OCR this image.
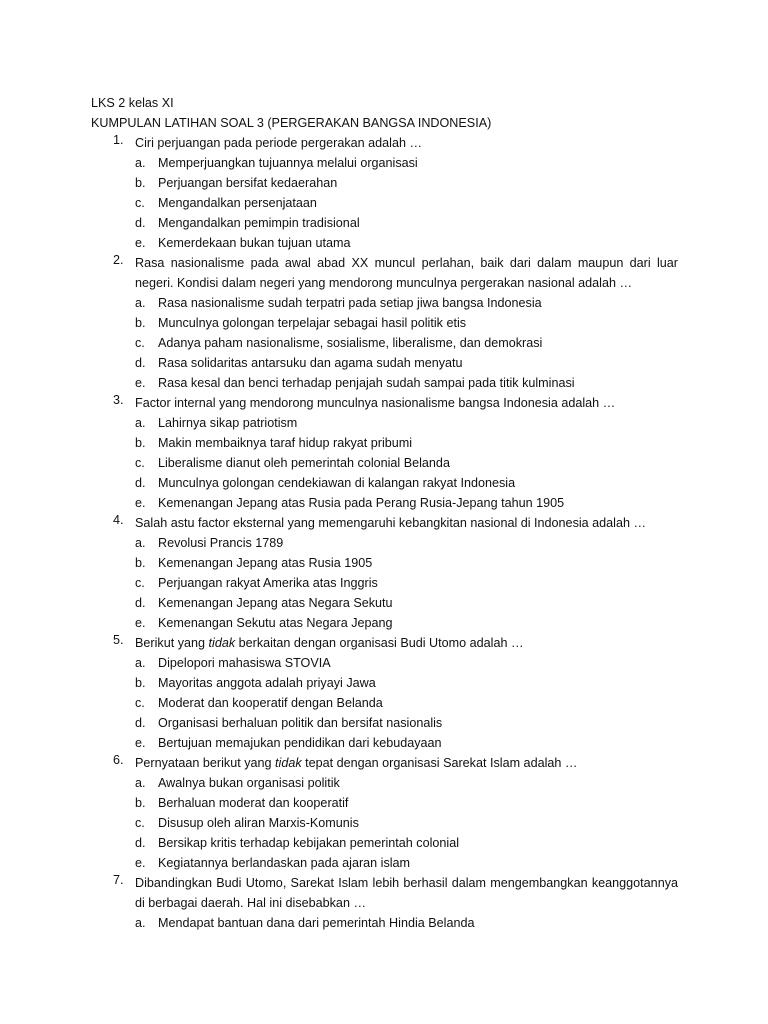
LKS 2 kelas XI
KUMPULAN LATIHAN SOAL 3 (PERGERAKAN BANGSA INDONESIA)
1. Ciri perjuangan pada periode pergerakan adalah …
a. Memperjuangkan tujuannya melalui organisasi
b. Perjuangan bersifat kedaerahan
c. Mengandalkan persenjataan
d. Mengandalkan pemimpin tradisional
e. Kemerdekaan bukan tujuan utama
2. Rasa nasionalisme pada awal abad XX muncul perlahan, baik dari dalam maupun dari luar negeri. Kondisi dalam negeri yang mendorong munculnya pergerakan nasional adalah …
a. Rasa nasionalisme sudah terpatri pada setiap jiwa bangsa Indonesia
b. Munculnya golongan terpelajar sebagai hasil politik etis
c. Adanya paham nasionalisme, sosialisme, liberalisme, dan demokrasi
d. Rasa solidaritas antarsuku dan agama sudah menyatu
e. Rasa kesal dan benci terhadap penjajah sudah sampai pada titik kulminasi
3. Factor internal yang mendorong munculnya nasionalisme bangsa Indonesia adalah …
a. Lahirnya sikap patriotism
b. Makin membaiknya taraf hidup rakyat pribumi
c. Liberalisme dianut oleh pemerintah colonial Belanda
d. Munculnya golongan cendekiawan di kalangan rakyat Indonesia
e. Kemenangan Jepang atas Rusia pada Perang Rusia-Jepang tahun 1905
4. Salah astu factor eksternal yang memengaruhi kebangkitan nasional di Indonesia adalah …
a. Revolusi Prancis 1789
b. Kemenangan Jepang atas Rusia 1905
c. Perjuangan rakyat Amerika atas Inggris
d. Kemenangan Jepang atas Negara Sekutu
e. Kemenangan Sekutu atas Negara Jepang
5. Berikut yang tidak berkaitan dengan organisasi Budi Utomo adalah …
a. Dipelopori mahasiswa STOVIA
b. Mayoritas anggota adalah priyayi Jawa
c. Moderat dan kooperatif dengan Belanda
d. Organisasi berhaluan politik dan bersifat nasionalis
e. Bertujuan memajukan pendidikan dari kebudayaan
6. Pernyataan berikut yang tidak tepat dengan organisasi Sarekat Islam adalah …
a. Awalnya bukan organisasi politik
b. Berhaluan moderat dan kooperatif
c. Disusup oleh aliran Marxis-Komunis
d. Bersikap kritis terhadap kebijakan pemerintah colonial
e. Kegiatannya berlandaskan pada ajaran islam
7. Dibandingkan Budi Utomo, Sarekat Islam lebih berhasil dalam mengembangkan keanggotannya di berbagai daerah. Hal ini disebabkan …
a. Mendapat bantuan dana dari pemerintah Hindia Belanda
